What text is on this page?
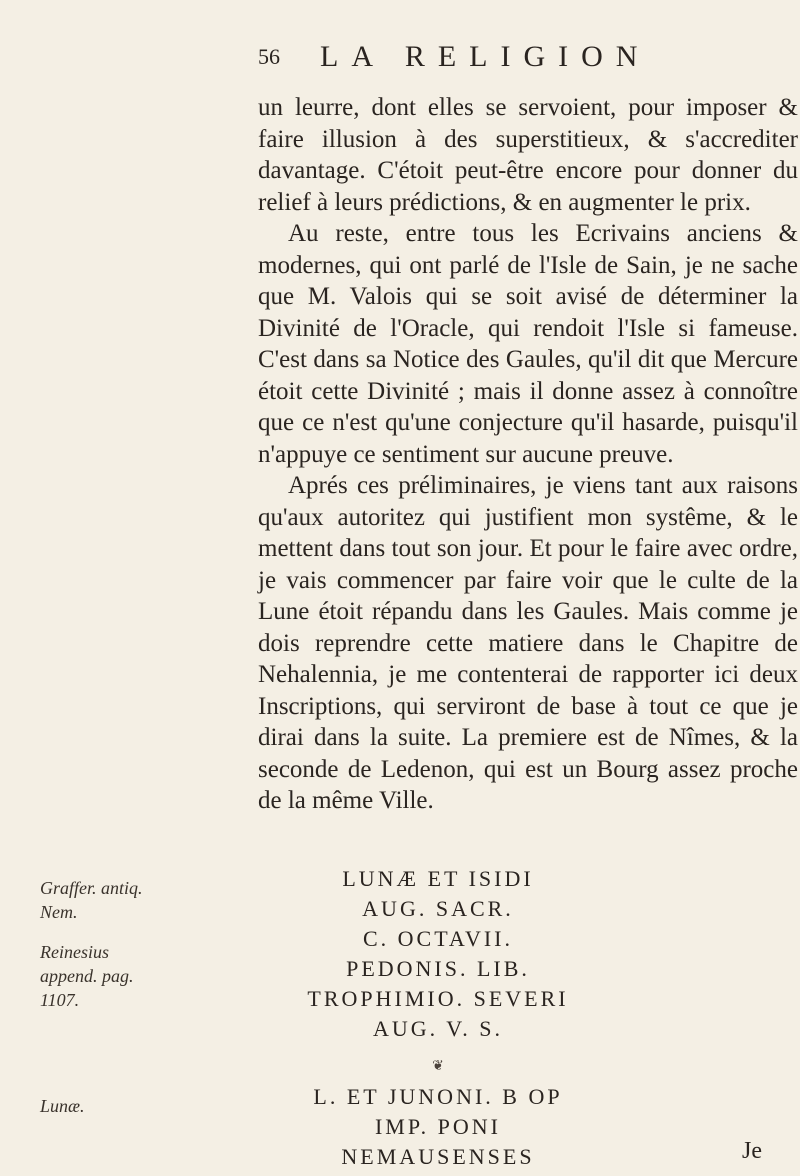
56 LA RELIGION

un leurre, dont elles se servoient, pour imposer & faire illusion à des superstitieux, & s'accrediter davantage. C'étoit peut-être encore pour donner du relief à leurs prédictions, & en augmenter le prix.

Au reste, entre tous les Ecrivains anciens & modernes, qui ont parlé de l'Isle de Sain, je ne sache que M. Valois qui se soit avisé de déterminer la Divinité de l'Oracle, qui rendoit l'Isle si fameuse. C'est dans sa Notice des Gaules, qu'il dit que Mercure étoit cette Divinité ; mais il donne assez à connoître que ce n'est qu'une conjecture qu'il hasarde, puisqu'il n'appuye ce sentiment sur aucune preuve.

Aprés ces préliminaires, je viens tant aux raisons qu'aux autoritez qui justifient mon systême, & le mettent dans tout son jour. Et pour le faire avec ordre, je vais commencer par faire voir que le culte de la Lune étoit répandu dans les Gaules. Mais comme je dois reprendre cette matiere dans le Chapitre de Nehalennia, je me contenterai de rapporter ici deux Inscriptions, qui serviront de base à tout ce que je dirai dans la suite. La premiere est de Nîmes, & la seconde de Ledenon, qui est un Bourg assez proche de la même Ville.

Graffer. antiq. Nem.
Reinesius append. pag. 1107.
Lunæ.
LUNÆ ET ISIDI
AUG. SACR.
C. OCTAVII.
PEDONIS. LIB.
TROPHIMIO. SEVERI
AUG. V. S.
❦
L. ET JUNONI. B OP
IMP. PONI
NEMAUSENSES	Je
